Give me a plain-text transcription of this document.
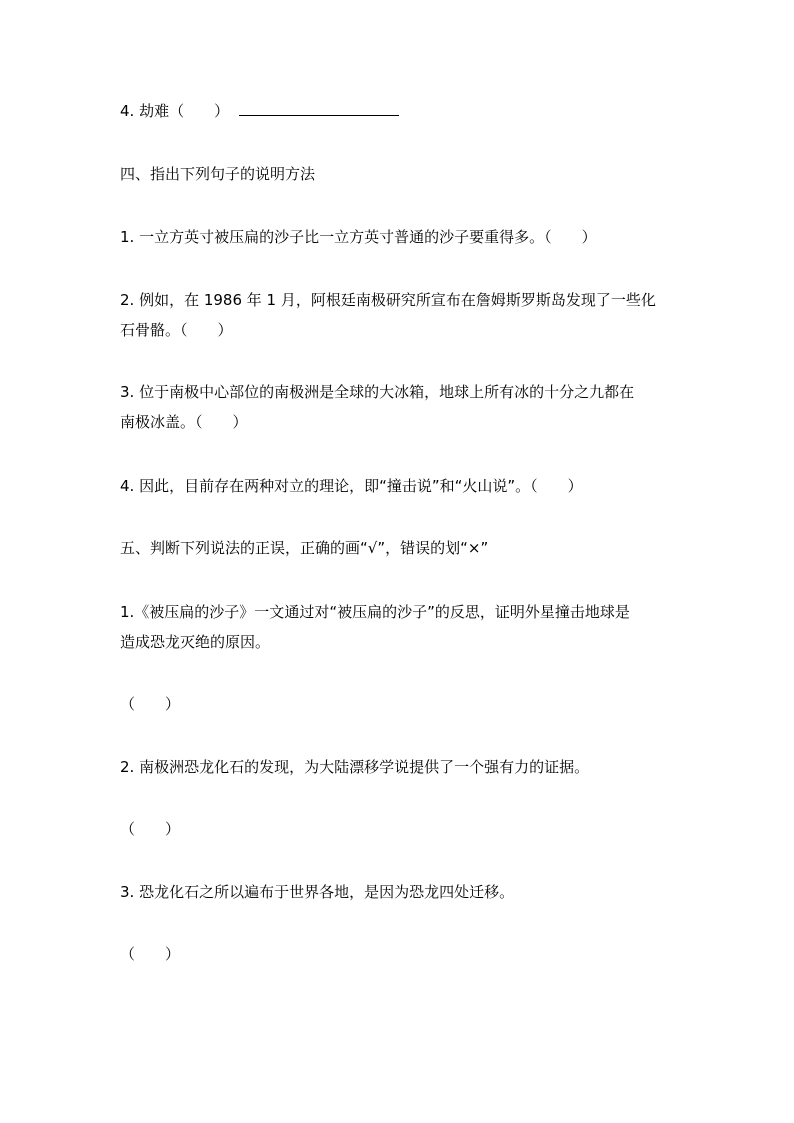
4. 劫难（　　）
四、指出下列句子的说明方法
1. 一立方英寸被压扁的沙子比一立方英寸普通的沙子要重得多。（　　）
2. 例如，在 1986 年 1 月，阿根廷南极研究所宣布在詹姆斯罗斯岛发现了一些化
石骨骼。（　　）
3. 位于南极中心部位的南极洲是全球的大冰箱，地球上所有冰的十分之九都在
南极冰盖。（　　）
4. 因此，目前存在两种对立的理论，即“撞击说”和“火山说”。（　　）
五、判断下列说法的正误，正确的画“√”，错误的划“×”
1.《被压扁的沙子》一文通过对“被压扁的沙子”的反思，证明外星撞击地球是
造成恐龙灭绝的原因。
（　　）
2. 南极洲恐龙化石的发现，为大陆漂移学说提供了一个强有力的证据。
（　　）
3. 恐龙化石之所以遍布于世界各地，是因为恐龙四处迁移。
（　　）
